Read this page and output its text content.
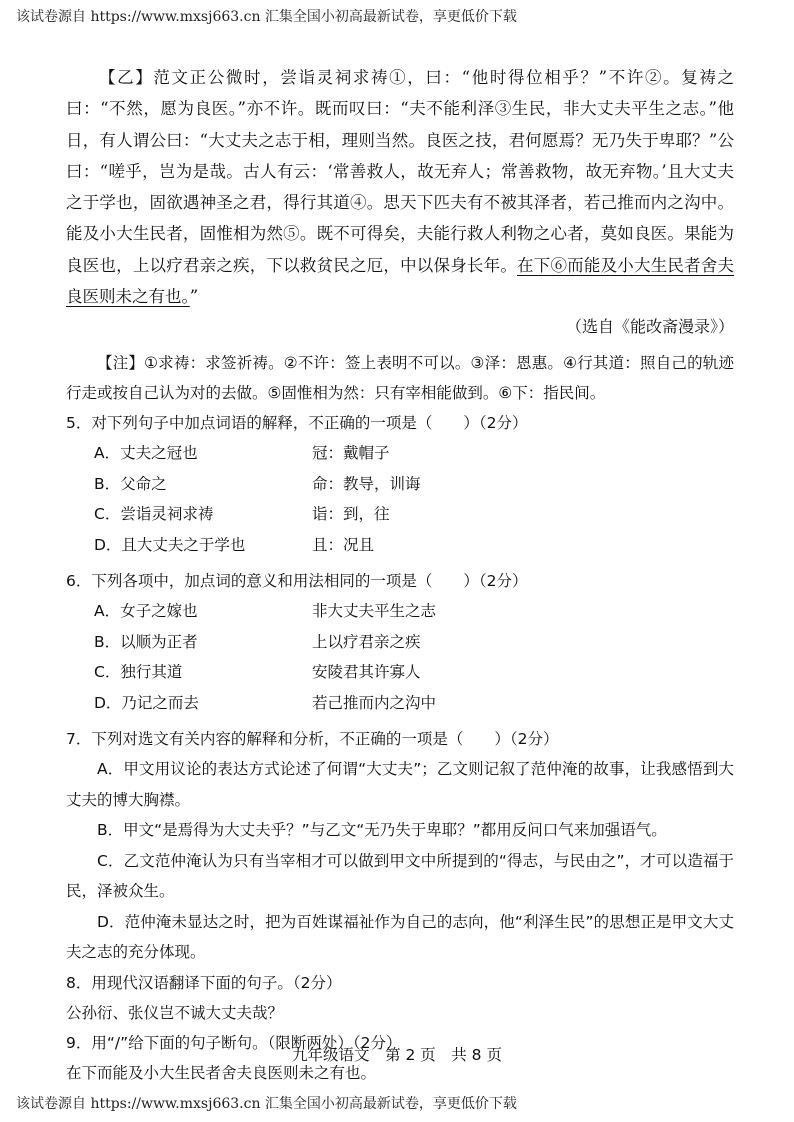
该试卷源自 https://www.mxsj663.cn 汇集全国小初高最新试卷，享更低价下载

【乙】范文正公微时，尝诣灵祠求祷①，曰：“他时得位相乎？”不许②。复祷之曰：“不然，愿为良医。”亦不许。既而叹曰：“夫不能利泽③生民，非大丈夫平生之志。”他日，有人谓公曰：“大丈夫之志于相，理则当然。良医之技，君何愿焉？无乃失于卑耶？”公曰：“嗟乎，岂为是哉。古人有云：‘常善救人，故无弃人；常善救物，故无弃物。’且大丈夫之于学也，固欲遇神圣之君，得行其道④。思天下匹夫有不被其泽者，若己推而内之沟中。能及小大生民者，固惟相为然⑤。既不可得矣，夫能行救人利物之心者，莫如良医。果能为良医也，上以疗君亲之疾，下以救贫民之厄，中以保身长年。在下⑥而能及小大生民者舍夫良医则未之有也。”

（选自《能改斋漫录》）

【注】①求祷：求签祈祷。②不许：签上表明不可以。③泽：恩惠。④行其道：照自己的轨迹行走或按自己认为对的去做。⑤固惟相为然：只有宰相能做到。⑥下：指民间。

5．对下列句子中加点词语的解释，不正确的一项是（　　）（2分）

A．丈夫之冠也	冠：戴帽子
B．父命之	命：教导，训诲
C．尝诣灵祠求祷	诣：到，往
D．且大丈夫之于学也	且：况且

6．下列各项中，加点词的意义和用法相同的一项是（　　）（2分）

A．女子之嫁也	非大丈夫平生之志
B．以顺为正者	上以疗君亲之疾
C．独行其道	安陵君其许寡人
D．乃记之而去	若己推而内之沟中

7．下列对选文有关内容的解释和分析，不正确的一项是（　　）（2分）

A．甲文用议论的表达方式论述了何谓“大丈夫”；乙文则记叙了范仲淹的故事，让我感悟到大丈夫的博大胸襟。

B．甲文“是焉得为大丈夫乎？”与乙文“无乃失于卑耶？”都用反问口气来加强语气。

C．乙文范仲淹认为只有当宰相才可以做到甲文中所提到的“得志，与民由之”，才可以造福于民，泽被众生。

D．范仲淹未显达之时，把为百姓谋福祉作为自己的志向，他“利泽生民”的思想正是甲文大丈夫之志的充分体现。

8．用现代汉语翻译下面的句子。（2分）

公孙衍、张仪岂不诚大丈夫哉？

9．用“/”给下面的句子断句。（限断两处）（2分）

在下而能及小大生民者舍夫良医则未之有也。

九年级语文　第 2 页　共 8 页
该试卷源自 https://www.mxsj663.cn 汇集全国小初高最新试卷，享更低价下载
